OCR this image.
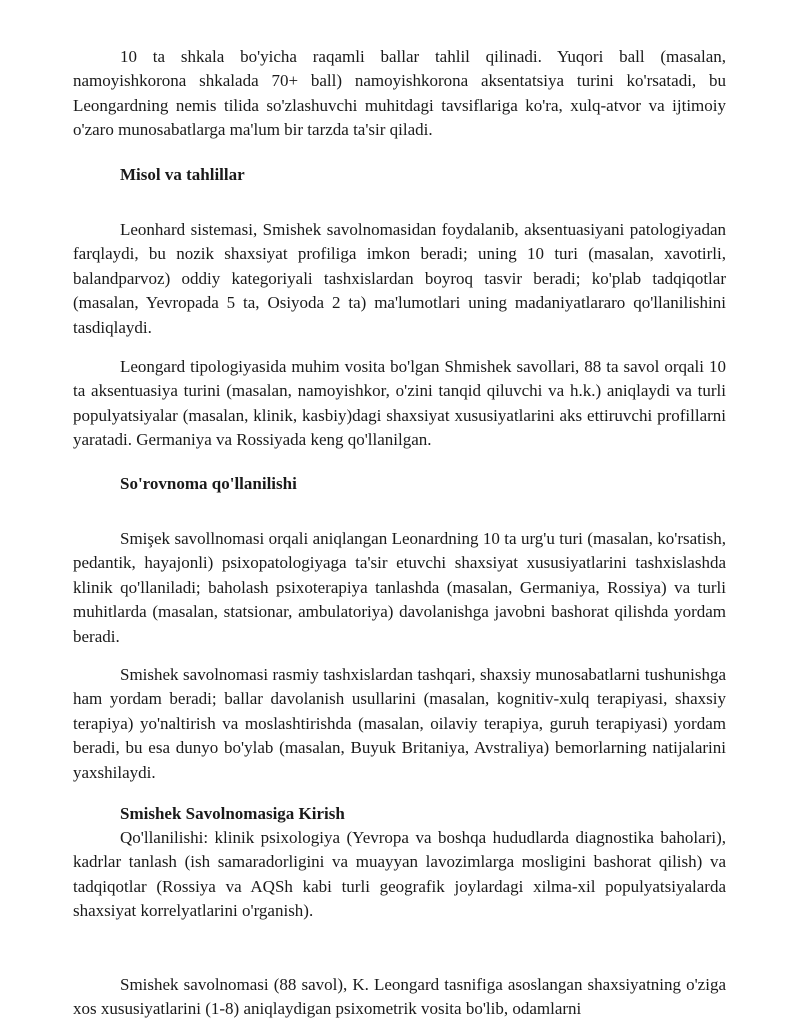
10 ta shkala bo'yicha raqamli ballar tahlil qilinadi. Yuqori ball (masalan, namoyishkorona shkalada 70+ ball) namoyishkorona aksentatsiya turini ko'rsatadi, bu Leongardning nemis tilida so'zlashuvchi muhitdagi tavsiflariga ko'ra, xulq-atvor va ijtimoiy o'zaro munosabatlarga ma'lum bir tarzda ta'sir qiladi.

Misol va tahlillar

Leonhard sistemasi, Smishek savolnomasidan foydalanib, aksentuasiyani patologiyadan farqlaydi, bu nozik shaxsiyat profiliga imkon beradi; uning 10 turi (masalan, xavotirli, balandparvoz) oddiy kategoriyali tashxislardan boyroq tasvir beradi; ko'plab tadqiqotlar (masalan, Yevropada 5 ta, Osiyoda 2 ta) ma'lumotlari uning madaniyatlararo qo'llanilishini tasdiqlaydi.

Leongard tipologiyasida muhim vosita bo'lgan Shmishek savollari, 88 ta savol orqali 10 ta aksentuasiya turini (masalan, namoyishkor, o'zini tanqid qiluvchi va h.k.) aniqlaydi va turli populyatsiyalar (masalan, klinik, kasbiy)dagi shaxsiyat xususiyatlarini aks ettiruvchi profillarni yaratadi. Germaniya va Rossiyada keng qo'llanilgan.

So'rovnoma qo'llanilishi

Smişek savollnomasi orqali aniqlangan Leonardning 10 ta urg'u turi (masalan, ko'rsatish, pedantik, hayajonli) psixopatologiyaga ta'sir etuvchi shaxsiyat xususiyatlarini tashxislashda klinik qo'llaniladi; baholash psixoterapiya tanlashda (masalan, Germaniya, Rossiya) va turli muhitlarda (masalan, statsionar, ambulatoriya) davolanishga javobni bashorat qilishda yordam beradi.

Smishek savolnomasi rasmiy tashxislardan tashqari, shaxsiy munosabatlarni tushunishga ham yordam beradi; ballar davolanish usullarini (masalan, kognitiv-xulq terapiyasi, shaxsiy terapiya) yo'naltirish va moslashtirishda (masalan, oilaviy terapiya, guruh terapiyasi) yordam beradi, bu esa dunyo bo'ylab (masalan, Buyuk Britaniya, Avstraliya) bemorlarning natijalarini yaxshilaydi.

Smishek Savolnomasiga Kirish

Qo'llanilishi: klinik psixologiya (Yevropa va boshqa hududlarda diagnostika baholari), kadrlar tanlash (ish samaradorligini va muayyan lavozimlarga mosligini bashorat qilish) va tadqiqotlar (Rossiya va AQSh kabi turli geografik joylardagi xilma-xil populyatsiyalarda shaxsiyat korrelyatlarini o'rganish).

Smishek savolnomasi (88 savol), K. Leongard tasnifiga asoslangan shaxsiyatning o'ziga xos xususiyatlarini (1-8) aniqlaydigan psixometrik vosita bo'lib, odamlarni
